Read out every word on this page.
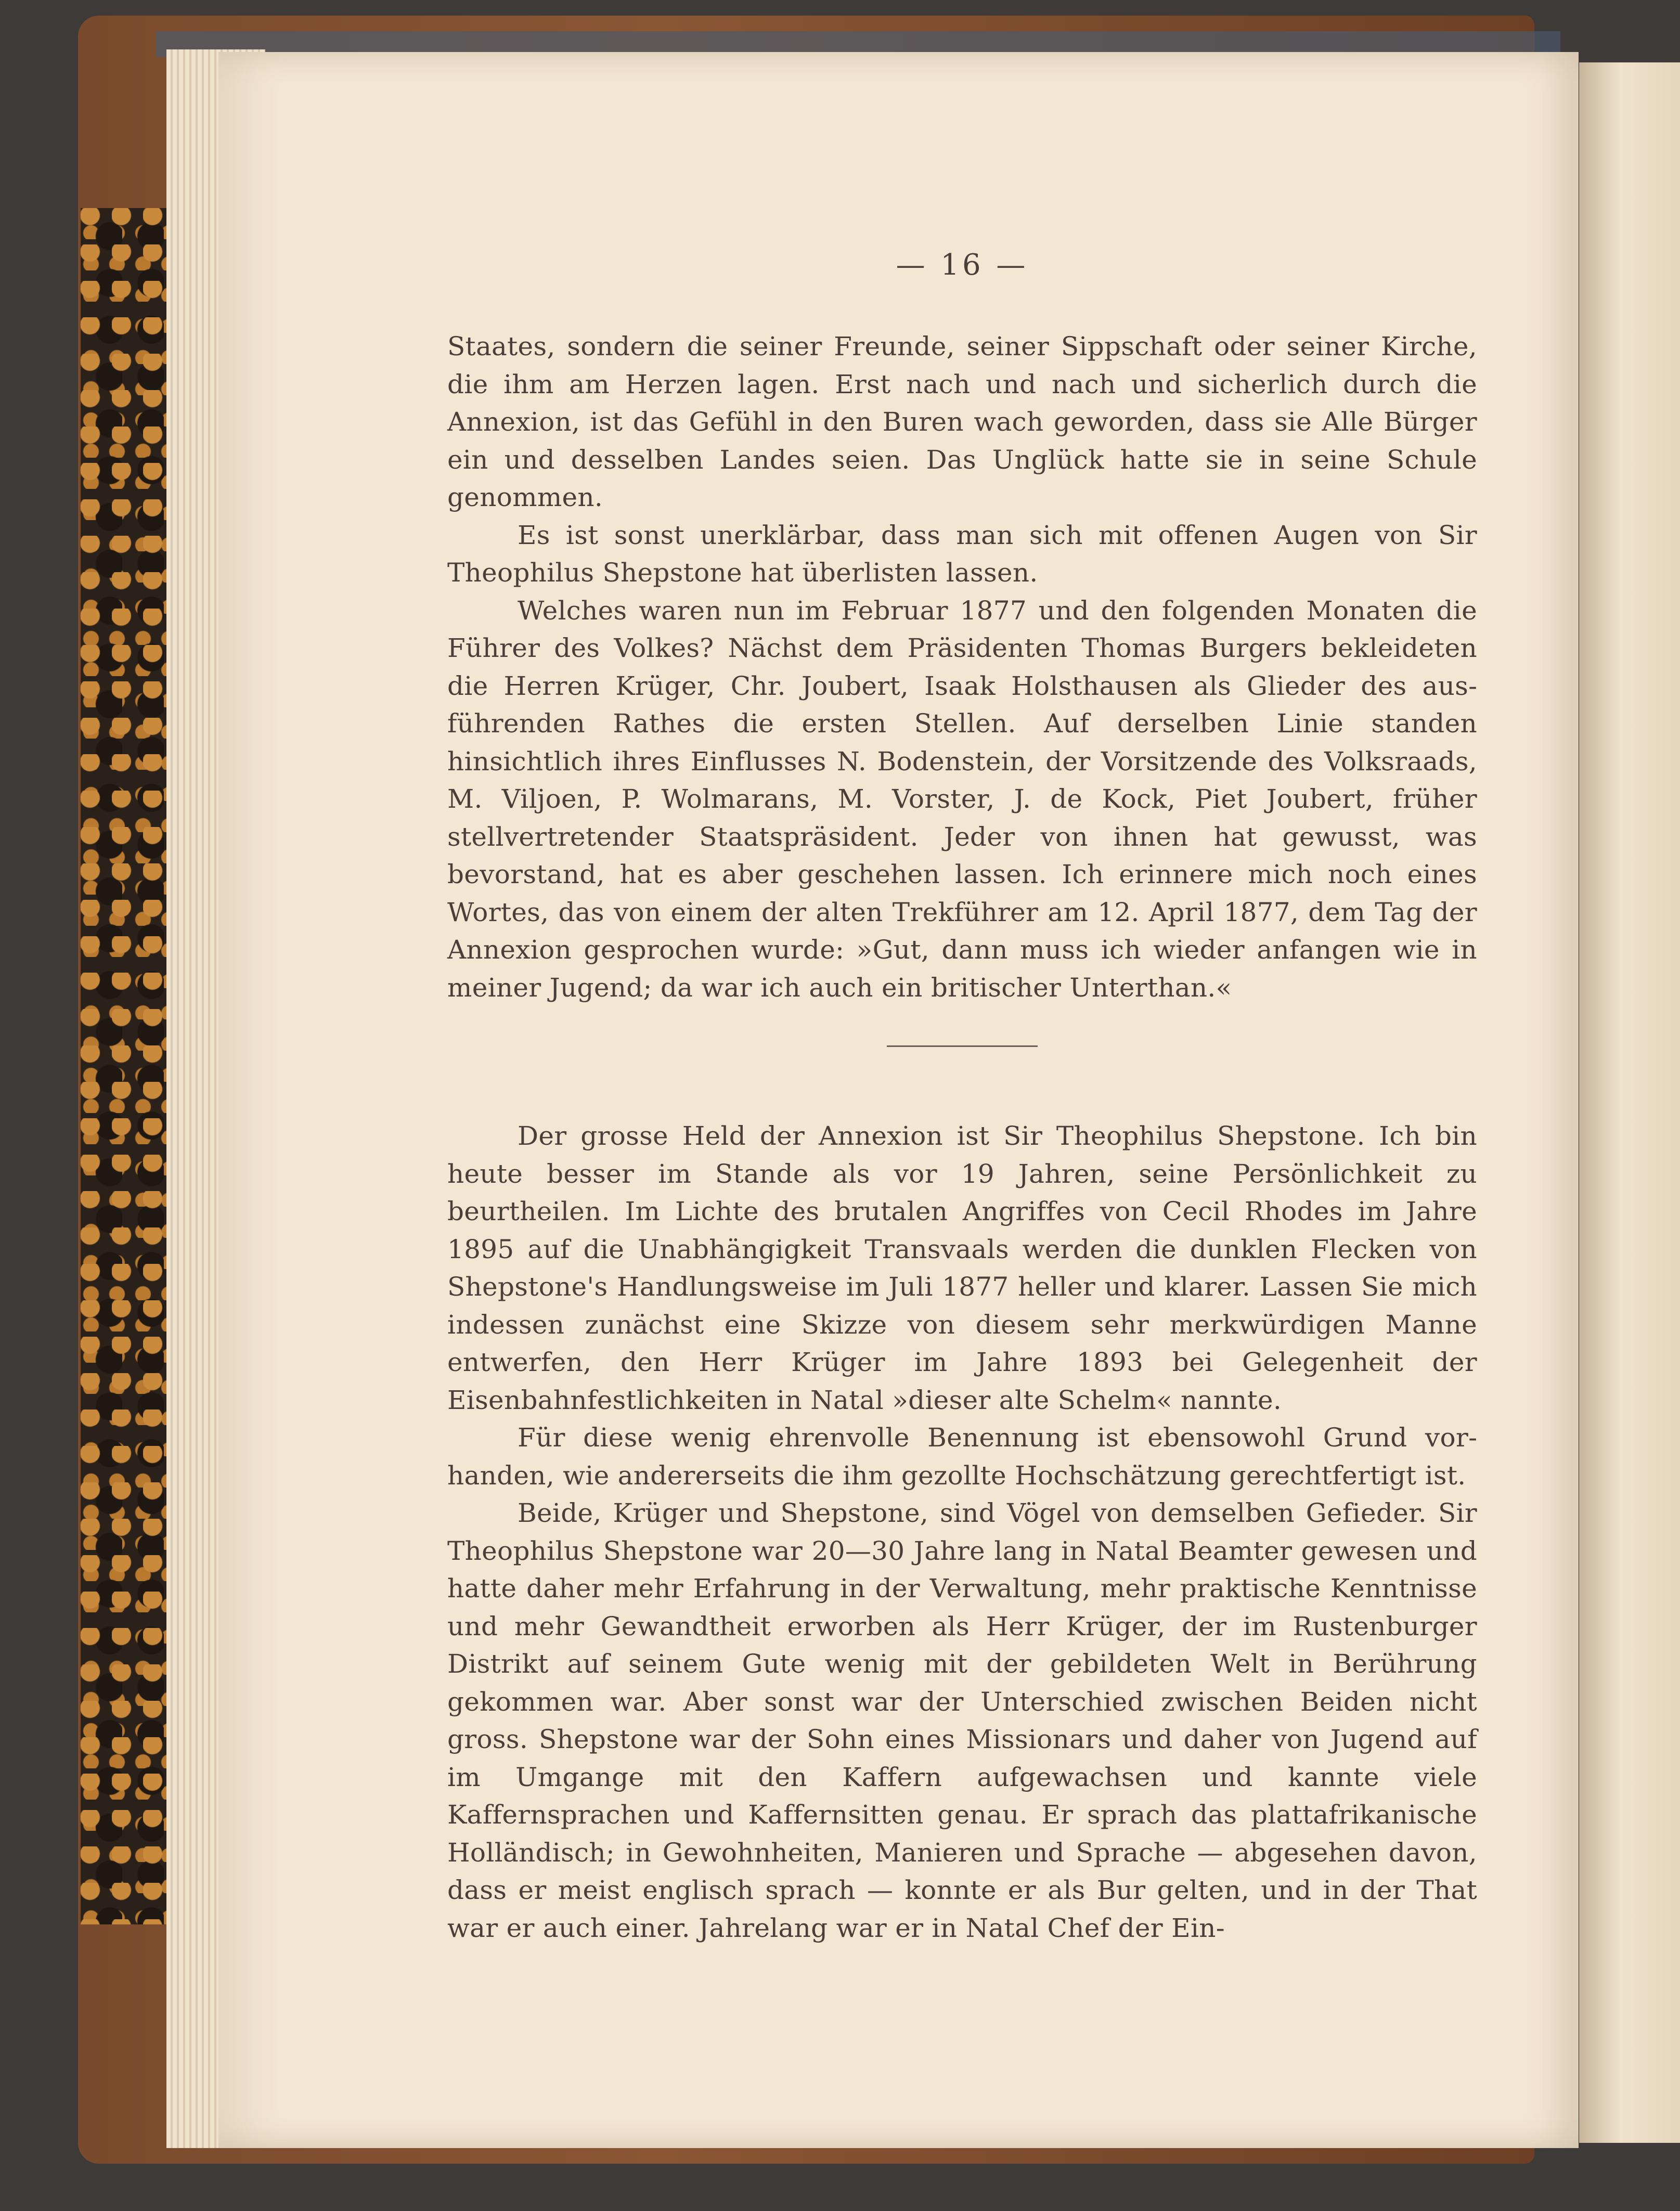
— 16 —

Staates, sondern die seiner Freunde, seiner Sippschaft oder seiner Kirche, die ihm am Herzen lagen. Erst nach und nach und sicherlich durch die Annexion, ist das Gefühl in den Buren wach geworden, dass sie Alle Bürger ein und desselben Landes seien. Das Unglück hatte sie in seine Schule genommen.

Es ist sonst unerklärbar, dass man sich mit offenen Augen von Sir Theophilus Shepstone hat überlisten lassen.

Welches waren nun im Februar 1877 und den folgenden Monaten die Führer des Volkes? Nächst dem Präsidenten Thomas Burgers bekleideten die Herren Krüger, Chr. Joubert, Isaak Holsthausen als Glieder des ausführenden Rathes die ersten Stellen. Auf derselben Linie standen hinsichtlich ihres Einflusses N. Bodenstein, der Vorsitzende des Volksraads, M. Viljoen, P. Wolmarans, M. Vorster, J. de Kock, Piet Joubert, früher stellvertretender Staatspräsident. Jeder von ihnen hat gewusst, was bevorstand, hat es aber geschehen lassen. Ich erinnere mich noch eines Wortes, das von einem der alten Trekführer am 12. April 1877, dem Tag der Annexion gesprochen wurde: »Gut, dann muss ich wieder anfangen wie in meiner Jugend; da war ich auch ein britischer Unterthan.«

Der grosse Held der Annexion ist Sir Theophilus Shepstone. Ich bin heute besser im Stande als vor 19 Jahren, seine Persönlichkeit zu beurtheilen. Im Lichte des brutalen Angriffes von Cecil Rhodes im Jahre 1895 auf die Unabhängigkeit Transvaals werden die dunklen Flecken von Shepstone's Handlungsweise im Juli 1877 heller und klarer. Lassen Sie mich indessen zunächst eine Skizze von diesem sehr merkwürdigen Manne entwerfen, den Herr Krüger im Jahre 1893 bei Gelegenheit der Eisenbahnfestlichkeiten in Natal »dieser alte Schelm« nannte.

Für diese wenig ehrenvolle Benennung ist ebensowohl Grund vorhanden, wie andererseits die ihm gezollte Hochschätzung gerechtfertigt ist.

Beide, Krüger und Shepstone, sind Vögel von demselben Gefieder. Sir Theophilus Shepstone war 20—30 Jahre lang in Natal Beamter gewesen und hatte daher mehr Erfahrung in der Verwaltung, mehr praktische Kenntnisse und mehr Gewandtheit erworben als Herr Krüger, der im Rustenburger Distrikt auf seinem Gute wenig mit der gebildeten Welt in Berührung gekommen war. Aber sonst war der Unterschied zwischen Beiden nicht gross. Shepstone war der Sohn eines Missionars und daher von Jugend auf im Umgange mit den Kaffern aufgewachsen und kannte viele Kaffernsprachen und Kaffernsitten genau. Er sprach das plattafrikanische Holländisch; in Gewohnheiten, Manieren und Sprache — abgesehen davon, dass er meist englisch sprach — konnte er als Bur gelten, und in der That war er auch einer. Jahrelang war er in Natal Chef der Ein-
